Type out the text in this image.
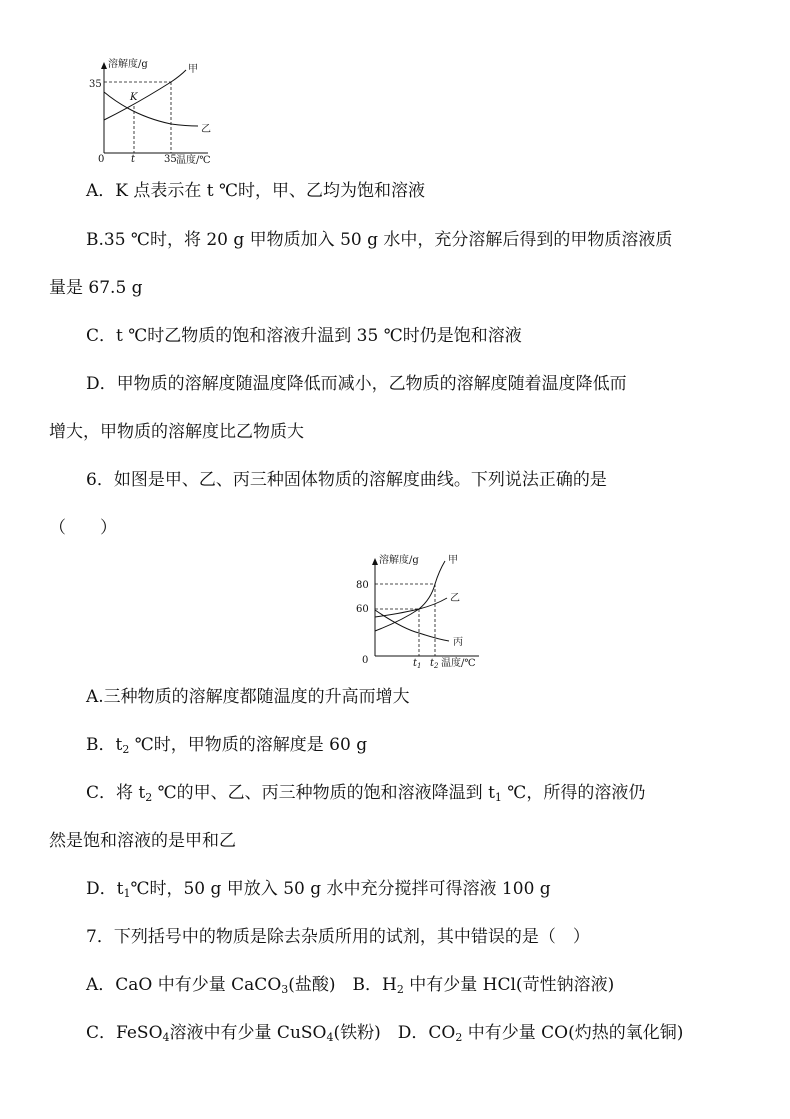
溶解度/g
温度/℃
0
35
t	35
甲
乙
K
A．K 点表示在 t ℃时，甲、乙均为饱和溶液
B.35 ℃时，将 20 g 甲物质加入 50 g 水中，充分溶解后得到的甲物质溶液质
量是 67.5 g
C．t ℃时乙物质的饱和溶液升温到 35 ℃时仍是饱和溶液
D．甲物质的溶解度随温度降低而减小，乙物质的溶解度随着温度降低而
增大，甲物质的溶解度比乙物质大
6．如图是甲、乙、丙三种固体物质的溶解度曲线。下列说法正确的是
（　　）
溶解度/g
温度/℃
0
80
60
$t_1$ $t_2$
甲
乙
丙
A.三种物质的溶解度都随温度的升高而增大
B．$t_2$ ℃时，甲物质的溶解度是 60 g
C．将 $t_2$ ℃的甲、乙、丙三种物质的饱和溶液降温到 $t_1$ ℃，所得的溶液仍
然是饱和溶液的是甲和乙
D．$t_1℃$时，50 g 甲放入 50 g 水中充分搅拌可得溶液 100 g
7．下列括号中的物质是除去杂质所用的试剂，其中错误的是（　）
A．CaO 中有少量 CaCO$_3$(盐酸)　B．$H_2$ 中有少量 HCl(苛性钠溶液)
C．FeSO$_4$溶液中有少量 CuSO$_4$(铁粉)　D．$CO_2$ 中有少量 CO(灼热的氧化铜)
